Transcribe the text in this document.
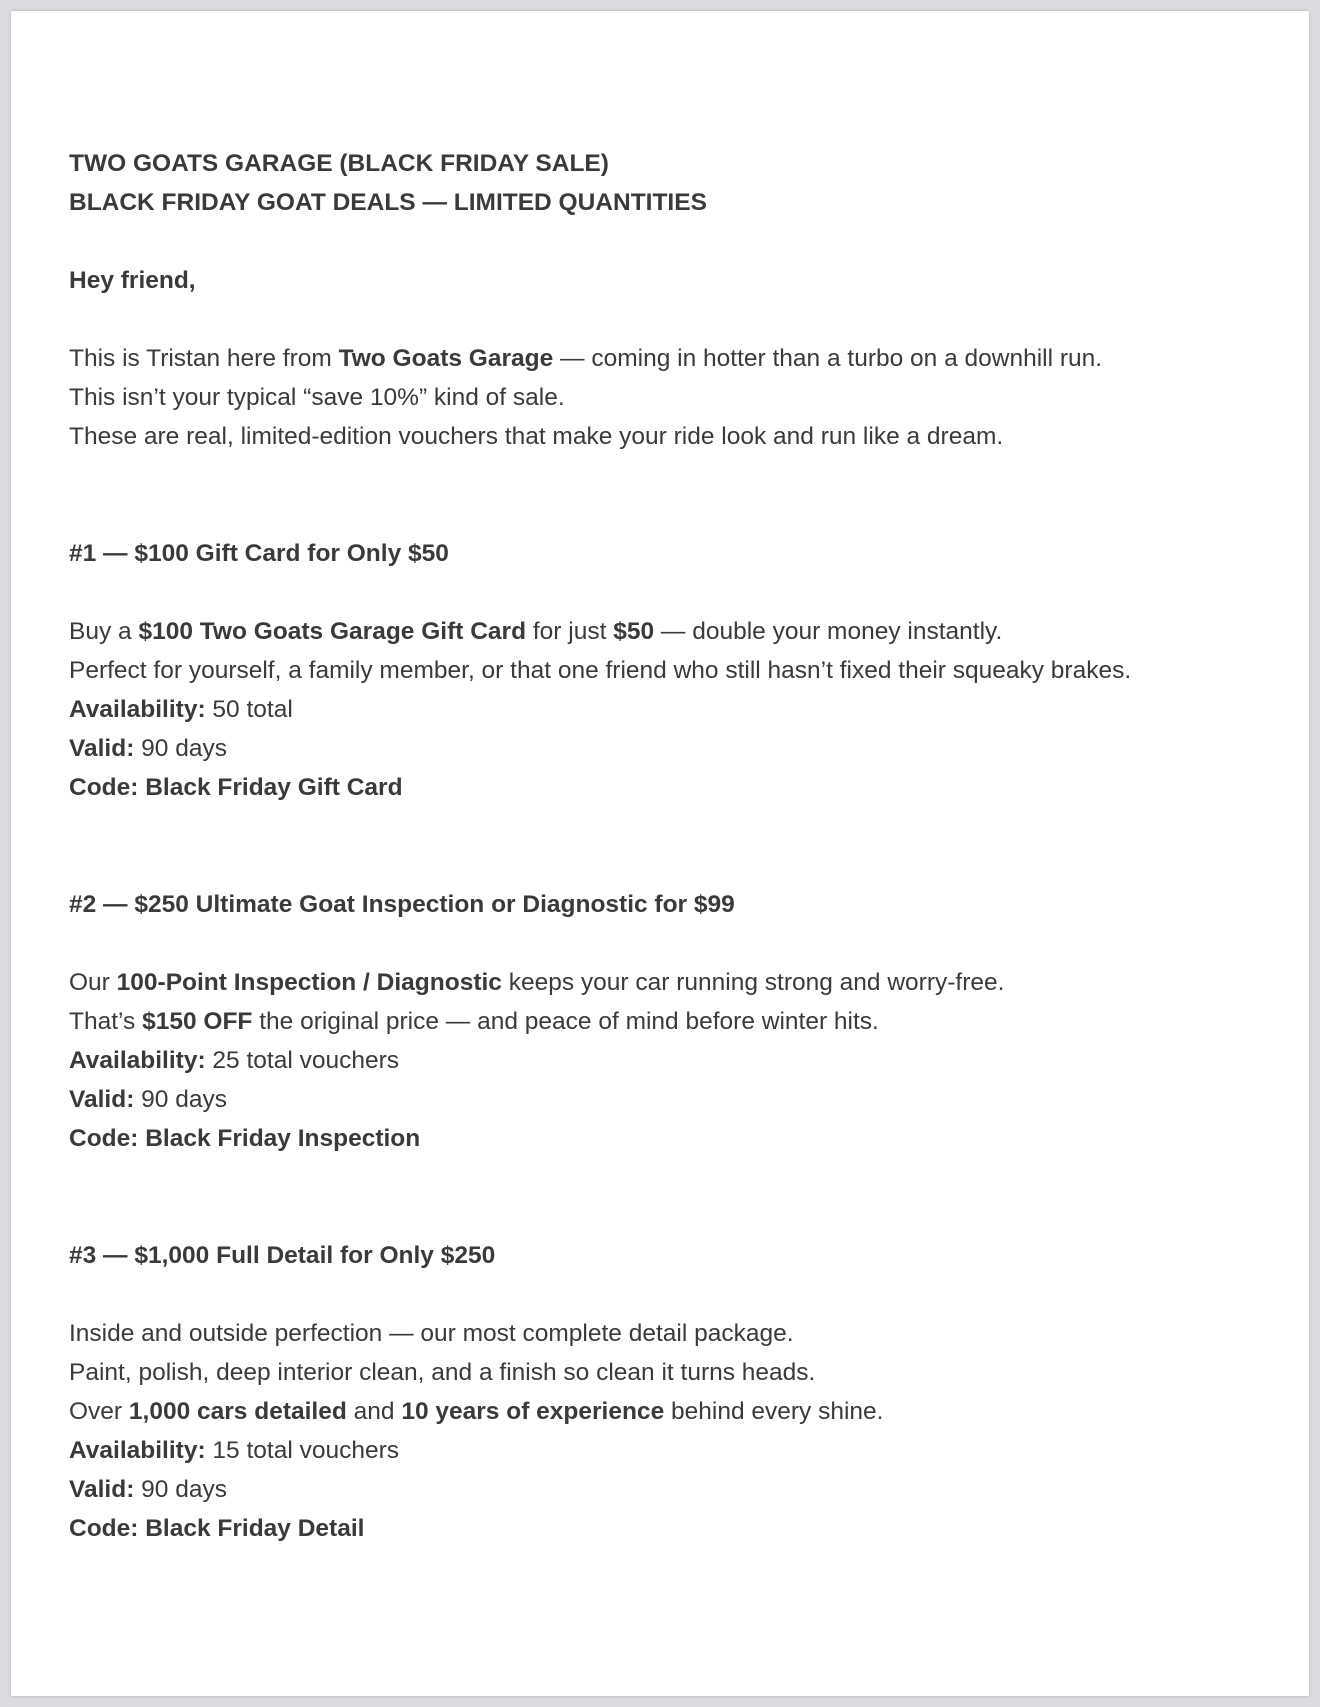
TWO GOATS GARAGE (BLACK FRIDAY SALE)

BLACK FRIDAY GOAT DEALS — LIMITED QUANTITIES

Hey friend,

This is Tristan here from Two Goats Garage — coming in hotter than a turbo on a downhill run.

This isn’t your typical “save 10%” kind of sale.

These are real, limited-edition vouchers that make your ride look and run like a dream.

#1 — $100 Gift Card for Only $50

Buy a $100 Two Goats Garage Gift Card for just $50 — double your money instantly.

Perfect for yourself, a family member, or that one friend who still hasn’t fixed their squeaky brakes.

Availability: 50 total

Valid: 90 days

Code: Black Friday Gift Card

#2 — $250 Ultimate Goat Inspection or Diagnostic for $99

Our 100-Point Inspection / Diagnostic keeps your car running strong and worry-free.

That’s $150 OFF the original price — and peace of mind before winter hits.

Availability: 25 total vouchers

Valid: 90 days

Code: Black Friday Inspection

#3 — $1,000 Full Detail for Only $250

Inside and outside perfection — our most complete detail package.

Paint, polish, deep interior clean, and a finish so clean it turns heads.

Over 1,000 cars detailed and 10 years of experience behind every shine.

Availability: 15 total vouchers

Valid: 90 days

Code: Black Friday Detail
